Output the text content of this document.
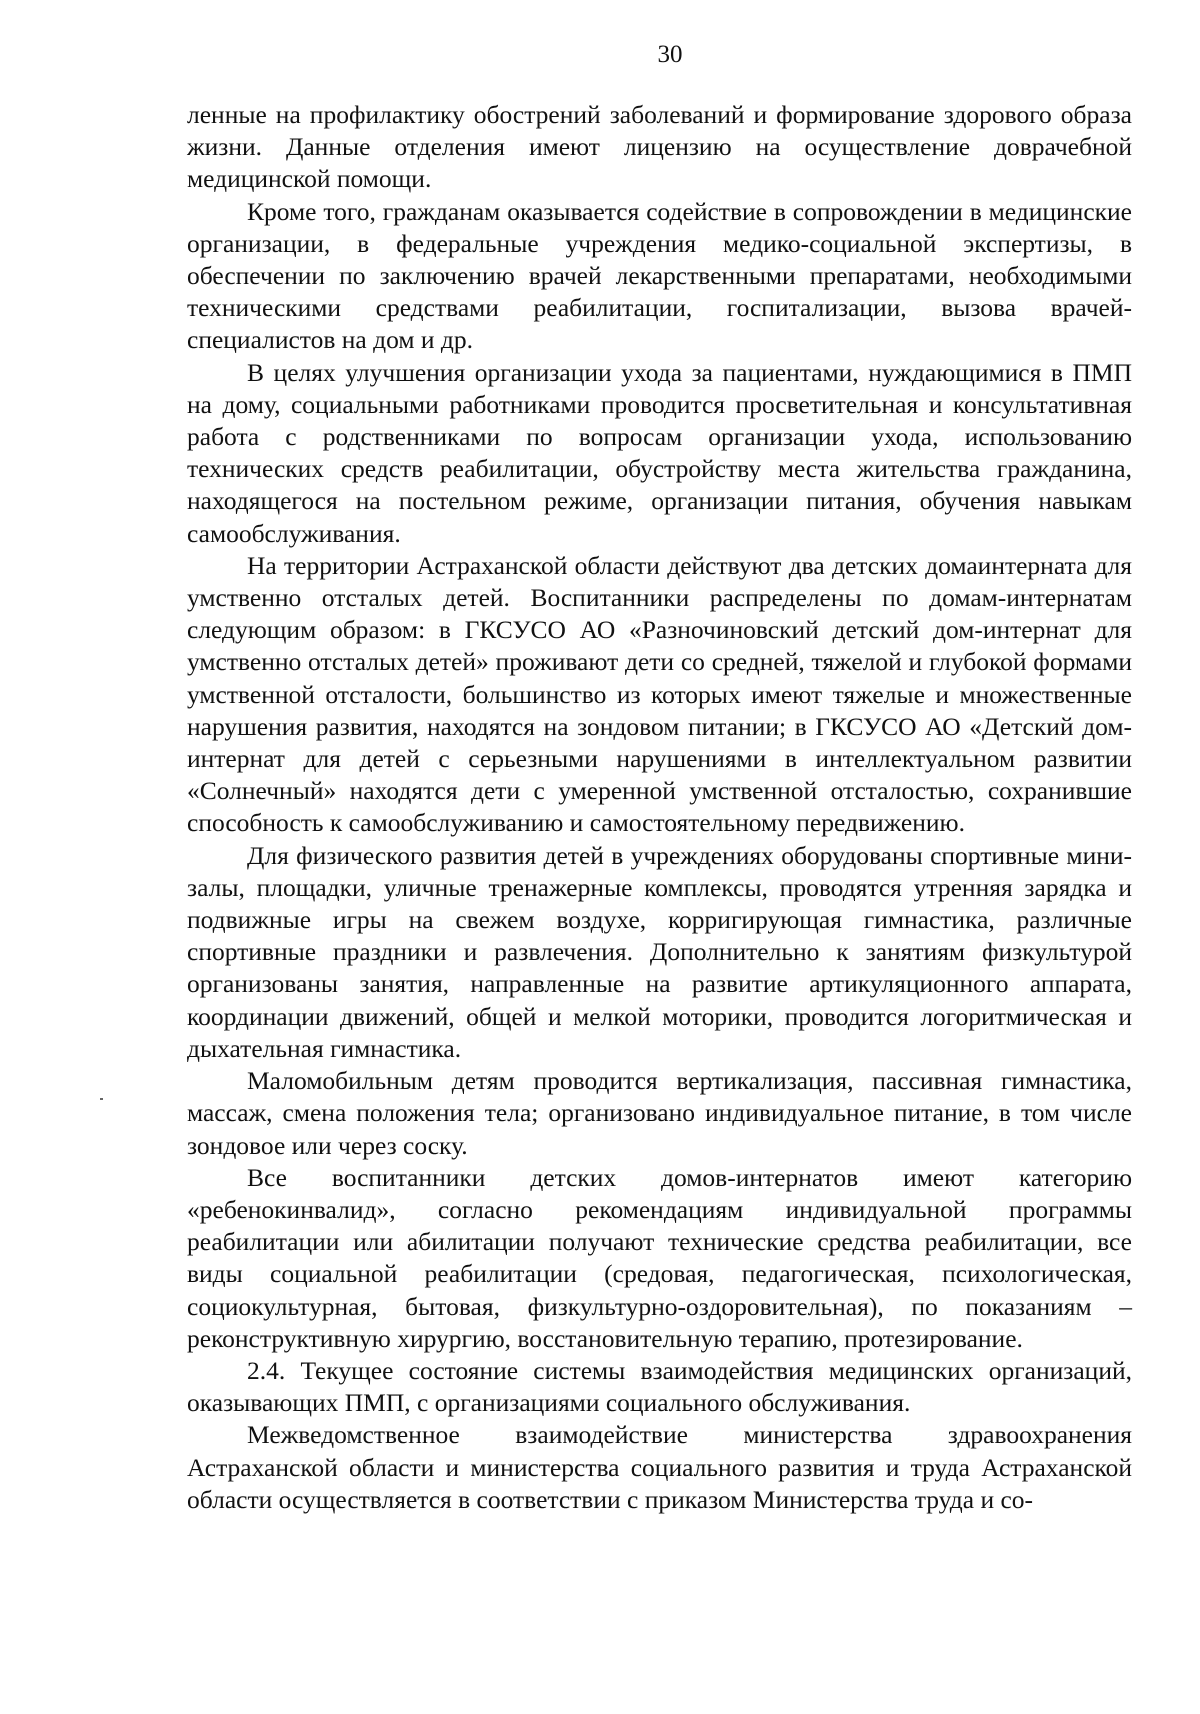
30

ленные на профилактику обострений заболеваний и формирование здорового образа жизни. Данные отделения имеют лицензию на осуществление доврачебной медицинской помощи.

Кроме того, гражданам оказывается содействие в сопровождении в медицинские организации, в федеральные учреждения медико-социальной экспертизы, в обеспечении по заключению врачей лекарственными препаратами, необходимыми техническими средствами реабилитации, госпитализации, вызова врачей-специалистов на дом и др.

В целях улучшения организации ухода за пациентами, нуждающимися в ПМП на дому, социальными работниками проводится просветительная и консультативная работа с родственниками по вопросам организации ухода, использованию технических средств реабилитации, обустройству места жительства гражданина, находящегося на постельном режиме, организации питания, обучения навыкам самообслуживания.

На территории Астраханской области действуют два детских домаинтерната для умственно отсталых детей. Воспитанники распределены по домам-интернатам следующим образом: в ГКСУСО АО «Разночиновский детский дом-интернат для умственно отсталых детей» проживают дети со средней, тяжелой и глубокой формами умственной отсталости, большинство из которых имеют тяжелые и множественные нарушения развития, находятся на зондовом питании; в ГКСУСО АО «Детский дом-интернат для детей с серьезными нарушениями в интеллектуальном развитии «Солнечный» находятся дети с умеренной умственной отсталостью, сохранившие способность к самообслуживанию и самостоятельному передвижению.

Для физического развития детей в учреждениях оборудованы спортивные мини-залы, площадки, уличные тренажерные комплексы, проводятся утренняя зарядка и подвижные игры на свежем воздухе, корригирующая гимнастика, различные спортивные праздники и развлечения. Дополнительно к занятиям физкультурой организованы занятия, направленные на развитие артикуляционного аппарата, координации движений, общей и мелкой моторики, проводится логоритмическая и дыхательная гимнастика.

Маломобильным детям проводится вертикализация, пассивная гимнастика, массаж, смена положения тела; организовано индивидуальное питание, в том числе зондовое или через соску.

Все воспитанники детских домов-интернатов имеют категорию «ребенокинвалид», согласно рекомендациям индивидуальной программы реабилитации или абилитации получают технические средства реабилитации, все виды социальной реабилитации (средовая, педагогическая, психологическая, социокультурная, бытовая, физкультурно-оздоровительная), по показаниям – реконструктивную хирургию, восстановительную терапию, протезирование.

2.4. Текущее состояние системы взаимодействия медицинских организаций, оказывающих ПМП, с организациями социального обслуживания.

Межведомственное взаимодействие министерства здравоохранения Астраханской области и министерства социального развития и труда Астраханской области осуществляется в соответствии с приказом Министерства труда и со-
